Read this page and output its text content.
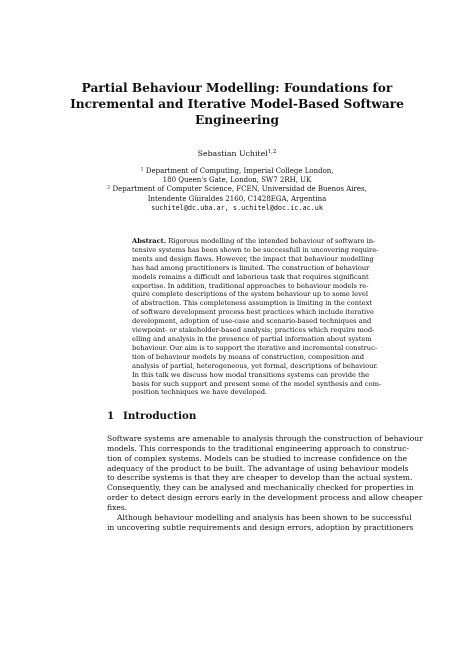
Partial Behaviour Modelling: Foundations for
Incremental and Iterative Model-Based Software
Engineering
Sebastian Uchitel$^{1,2}$
$^1$ Department of Computing, Imperial College London,
180 Queen's Gate, London, SW7 2RH, UK
$^2$ Department of Computer Science, FCEN, Universidad de Buenos Aires,
Intendente Güiraldes 2160, C1428EGA, Argentina
suchitel@dc.uba.ar, s.uchitel@doc.ic.ac.uk
Abstract. Rigorous modelling of the intended behaviour of software in-
tensive systems has been shown to be successfull in uncovering require-
ments and design flaws. However, the impact that behaviour modelling
has had among practitioners is limited. The construction of behaviour
models remains a difficult and laborious task that requires significant
expertise. In addition, traditional approaches to behaviour models re-
quire complete descriptions of the system behaviour up to some level
of abstraction. This completeness assumption is limiting in the context
of software development process best practices which include iterative
development, adoption of use-case and scenario-based techniques and
viewpoint- or stakeholder-based analysis; practices which require mod-
elling and analysis in the presence of partial information about system
behaviour. Our aim is to support the iterative and incremental construc-
tion of behaviour models by means of construction, composition and
analysis of partial, heterogeneous, yet formal, descriptions of behaviour.
In this talk we discuss how modal transitions systems can provide the
basis for such support and present some of the model synthesis and com-
position techniques we have developed.
1 Introduction
Software systems are amenable to analysis through the construction of behaviour
models. This corresponds to the traditional engineering approach to construc-
tion of complex systems. Models can be studied to increase confidence on the
adequacy of the product to be built. The advantage of using behaviour models
to describe systems is that they are cheaper to develop than the actual system.
Consequently, they can be analysed and mechanically checked for properties in
order to detect design errors early in the development process and allow cheaper
fixes.
Although behaviour modelling and analysis has been shown to be successful
in uncovering subtle requirements and design errors, adoption by practitioners
